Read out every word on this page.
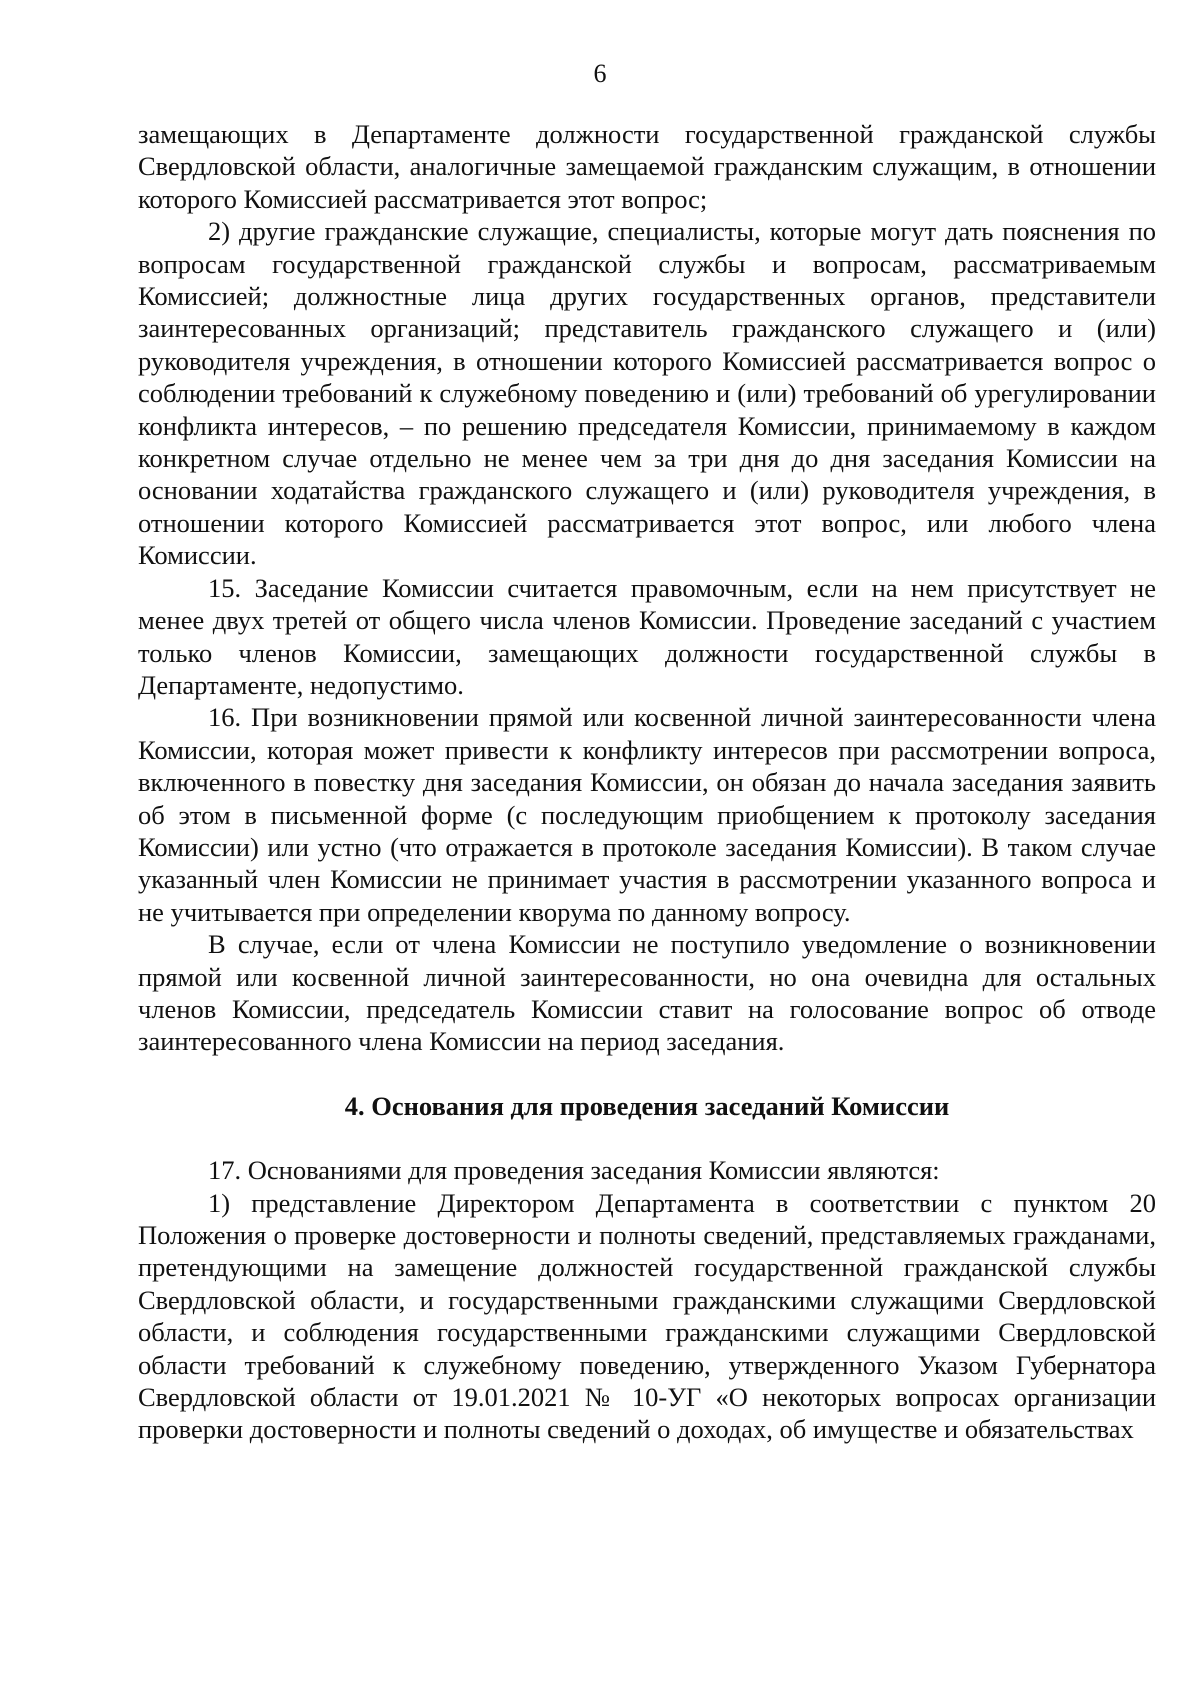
6

замещающих в Департаменте должности государственной гражданской службы Свердловской области, аналогичные замещаемой гражданским служащим, в отношении которого Комиссией рассматривается этот вопрос;

2) другие гражданские служащие, специалисты, которые могут дать пояснения по вопросам государственной гражданской службы и вопросам, рассматриваемым Комиссией; должностные лица других государственных органов, представители заинтересованных организаций; представитель гражданского служащего и (или) руководителя учреждения, в отношении которого Комиссией рассматривается вопрос о соблюдении требований к служебному поведению и (или) требований об урегулировании конфликта интересов, – по решению председателя Комиссии, принимаемому в каждом конкретном случае отдельно не менее чем за три дня до дня заседания Комиссии на основании ходатайства гражданского служащего и (или) руководителя учреждения, в отношении которого Комиссией рассматривается этот вопрос, или любого члена Комиссии.

15. Заседание Комиссии считается правомочным, если на нем присутствует не менее двух третей от общего числа членов Комиссии. Проведение заседаний с участием только членов Комиссии, замещающих должности государственной службы в Департаменте, недопустимо.

16. При возникновении прямой или косвенной личной заинтересованности члена Комиссии, которая может привести к конфликту интересов при рассмотрении вопроса, включенного в повестку дня заседания Комиссии, он обязан до начала заседания заявить об этом в письменной форме (с последующим приобщением к протоколу заседания Комиссии) или устно (что отражается в протоколе заседания Комиссии). В таком случае указанный член Комиссии не принимает участия в рассмотрении указанного вопроса и не учитывается при определении кворума по данному вопросу.

В случае, если от члена Комиссии не поступило уведомление о возникновении прямой или косвенной личной заинтересованности, но она очевидна для остальных членов Комиссии, председатель Комиссии ставит на голосование вопрос об отводе заинтересованного члена Комиссии на период заседания.

4. Основания для проведения заседаний Комиссии

17. Основаниями для проведения заседания Комиссии являются:

1) представление Директором Департамента в соответствии с пунктом 20 Положения о проверке достоверности и полноты сведений, представляемых гражданами, претендующими на замещение должностей государственной гражданской службы Свердловской области, и государственными гражданскими служащими Свердловской области, и соблюдения государственными гражданскими служащими Свердловской области требований к служебному поведению, утвержденного Указом Губернатора Свердловской области от 19.01.2021 № 10-УГ «О некоторых вопросах организации проверки достоверности и полноты сведений о доходах, об имуществе и обязательствах
